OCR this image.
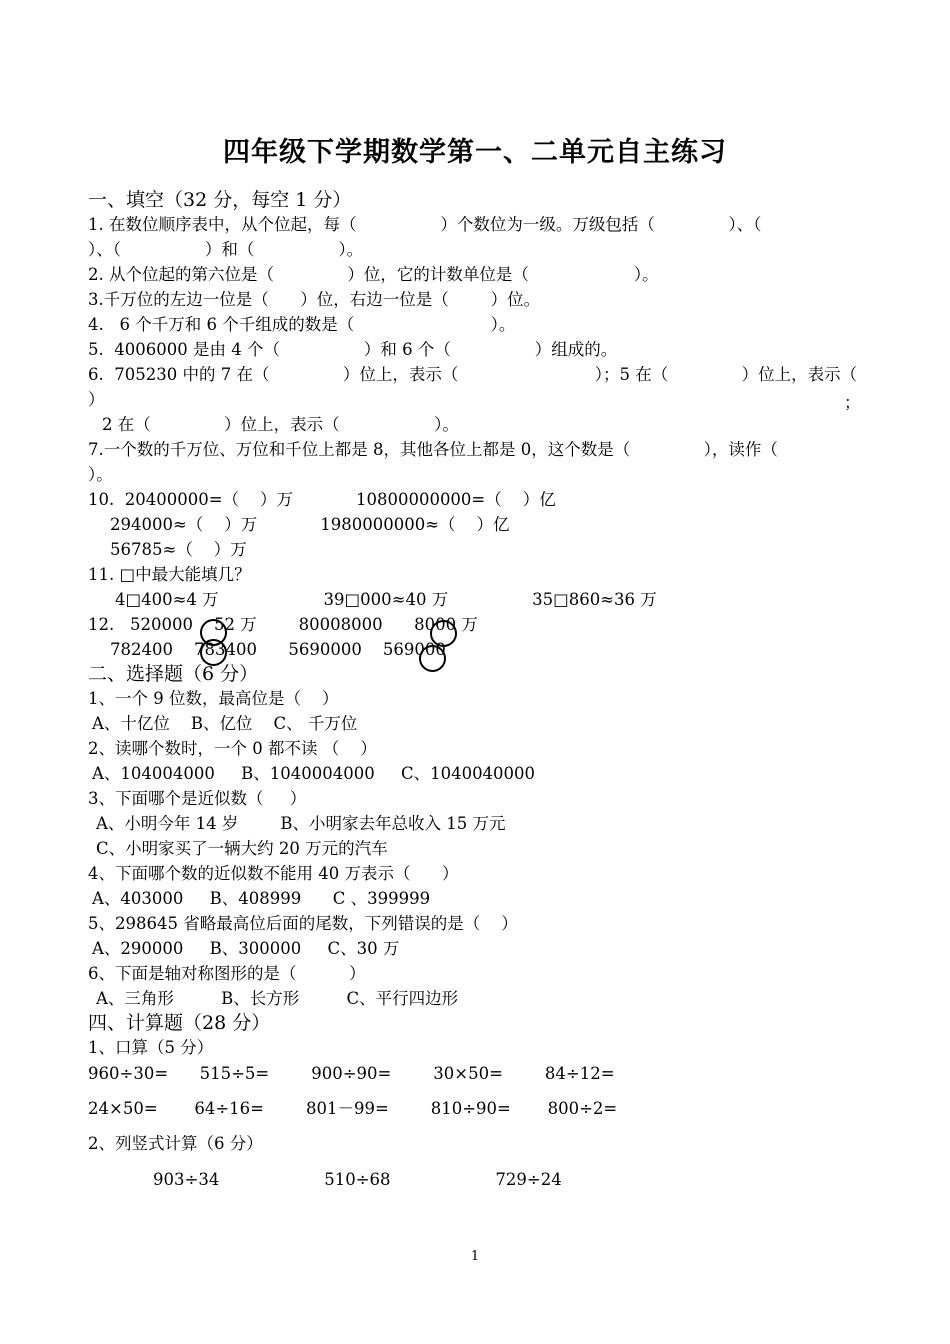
四年级下学期数学第一、二单元自主练习
一、填空（32 分，每空 1 分）
1. 在数位顺序表中，从个位起，每（                ）个数位为一级。万级包括（              ）、（
）、（                ）和（                ）。
2. 从个位起的第六位是（              ）位，它的计数单位是（                    ）。
3.千万位的左边一位是（      ）位，右边一位是（        ）位。
4.   6 个千万和 6 个千组成的数是（                          ）。
5.  4006000 是由 4 个（                ）和 6 个（                ）组成的。
6.  705230 中的 7 在（              ）位上，表示（                          ）；5 在（              ）位上，表示（
）	；
2 在（              ）位上，表示（                  ）。
7.一个数的千万位、万位和千位上都是 8，其他各位上都是 0，这个数是（              ），读作（
）。
10.  20400000=（    ）万            10800000000=（    ）亿
294000≈（    ）万            1980000000≈（    ）亿
56785≈（    ）万
11. □中最大能填几？
4□400≈4 万                    39□000≈40 万                35□860≈36 万
12.   520000    52 万        80008000      8000 万
782400    783400      5690000    569000
二、选择题（6 分）
1、一个 9 位数，最高位是（    ）
A、十亿位    B、亿位    C、 千万位
2、读哪个数时，一个 0 都不读 （    ）
A、104004000     B、1040004000     C、1040040000
3、下面哪个是近似数（     ）
A、小明今年 14 岁        B、小明家去年总收入 15 万元
C、小明家买了一辆大约 20 万元的汽车
4、下面哪个数的近似数不能用 40 万表示（      ）
A、403000     B、408999      C 、399999
5、298645 省略最高位后面的尾数，下列错误的是（    ）
A、290000     B、300000     C、30 万
6、下面是轴对称图形的是（          ）
A、三角形         B、长方形         C、平行四边形
四、计算题（28 分）
1、口算（5 分）
960÷30=      515÷5=        900÷90=        30×50=        84÷12=
24×50=       64÷16=        801－99=        810÷90=       800÷2=
2、列竖式计算（6 分）
903÷34                    510÷68                    729÷24
1
